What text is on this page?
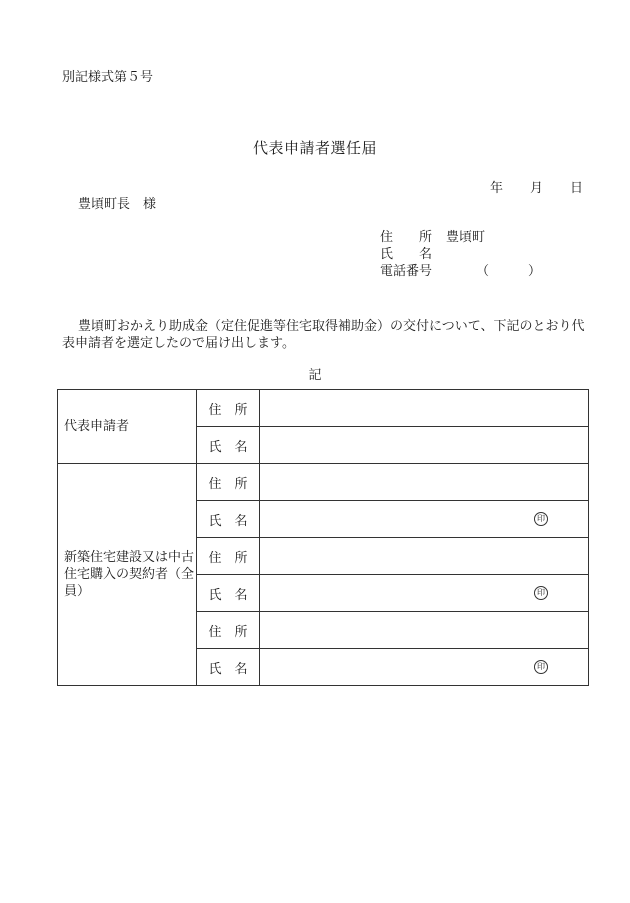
別記様式第５号
代表申請者選任届
年 月 日
豊頃町長　様
住　　所	豊頃町
氏　　名
電話番号	（　　　）
豊頃町おかえり助成金（定住促進等住宅取得補助金）の交付について、下記のとおり代表申請者を選定したので届け出します。
記
代表申請者	住　所	
	氏　名	
新築住宅建設又は中古住宅購入の契約者（全員）	住　所	
	氏　名	印

	住　所	
	氏　名	印

	住　所	
	氏　名	印
